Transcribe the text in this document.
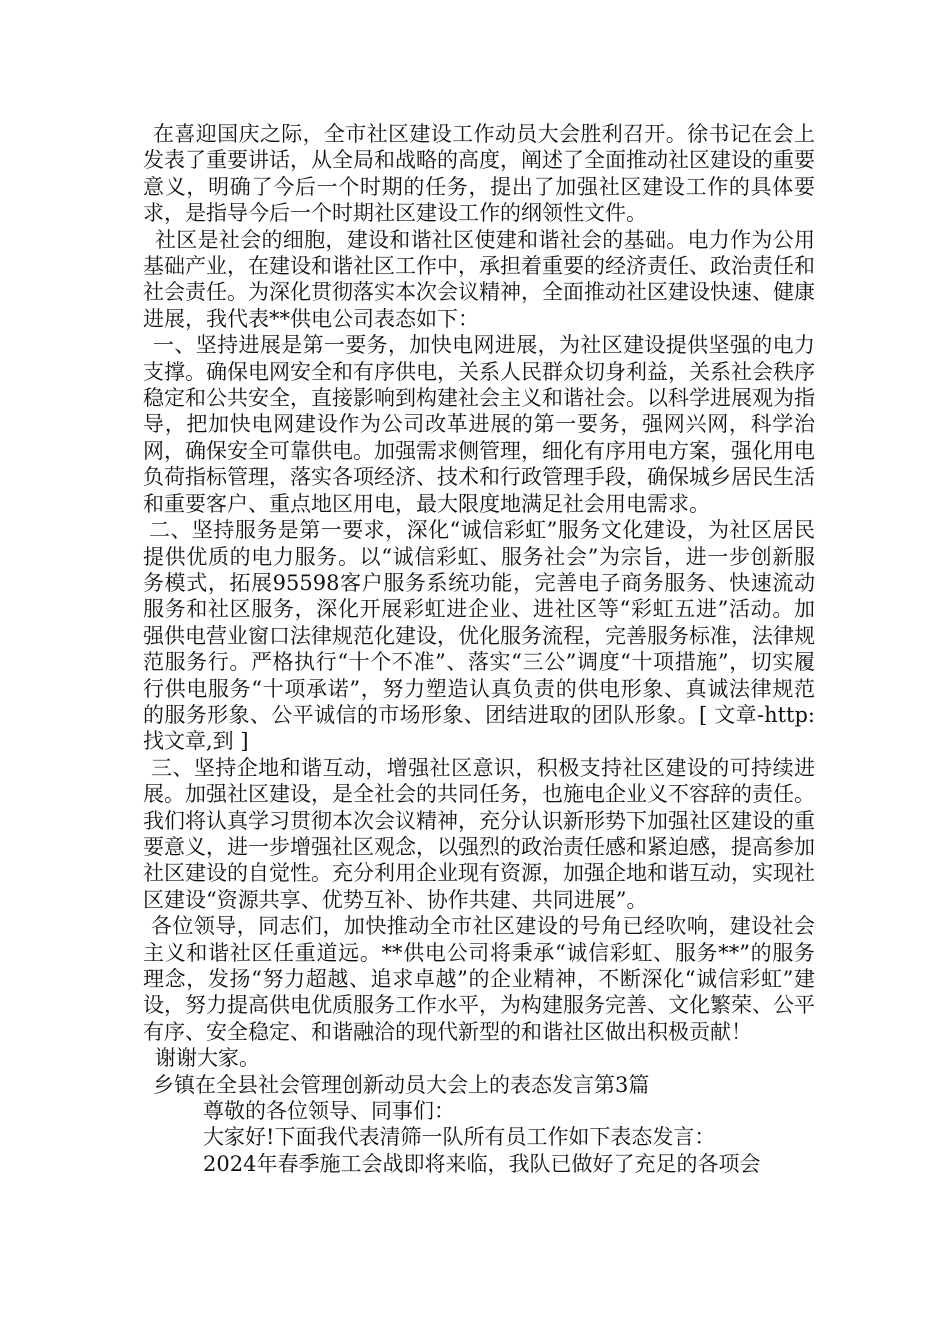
在喜迎国庆之际，全市社区建设工作动员大会胜利召开。徐书记在会上发表了重要讲话，从全局和战略的高度，阐述了全面推动社区建设的重要意义，明确了今后一个时期的任务，提出了加强社区建设工作的具体要求，是指导今后一个时期社区建设工作的纲领性文件。

社区是社会的细胞，建设和谐社区使建和谐社会的基础。电力作为公用基础产业，在建设和谐社区工作中，承担着重要的经济责任、政治责任和社会责任。为深化贯彻落实本次会议精神，全面推动社区建设快速、健康进展，我代表**供电公司表态如下：

一、坚持进展是第一要务，加快电网进展，为社区建设提供坚强的电力支撑。确保电网安全和有序供电，关系人民群众切身利益，关系社会秩序稳定和公共安全，直接影响到构建社会主义和谐社会。以科学进展观为指导，把加快电网建设作为公司改革进展的第一要务，强网兴网，科学治网，确保安全可靠供电。加强需求侧管理，细化有序用电方案，强化用电负荷指标管理，落实各项经济、技术和行政管理手段，确保城乡居民生活和重要客户、重点地区用电，最大限度地满足社会用电需求。

二、坚持服务是第一要求，深化“诚信彩虹”服务文化建设，为社区居民提供优质的电力服务。以“诚信彩虹、服务社会”为宗旨，进一步创新服务模式，拓展95598客户服务系统功能，完善电子商务服务、快速流动服务和社区服务，深化开展彩虹进企业、进社区等“彩虹五进”活动。加强供电营业窗口法律规范化建设，优化服务流程，完善服务标准，法律规范服务行。严格执行“十个不准”、落实“三公”调度“十项措施”，切实履行供电服务“十项承诺”，努力塑造认真负责的供电形象、真诚法律规范的服务形象、公平诚信的市场形象、团结进取的团队形象。[ 文章-http: 找文章,到 ]

三、坚持企地和谐互动，增强社区意识，积极支持社区建设的可持续进展。加强社区建设，是全社会的共同任务，也施电企业义不容辞的责任。我们将认真学习贯彻本次会议精神，充分认识新形势下加强社区建设的重要意义，进一步增强社区观念，以强烈的政治责任感和紧迫感，提高参加社区建设的自觉性。充分利用企业现有资源，加强企地和谐互动，实现社区建设“资源共享、优势互补、协作共建、共同进展”。

各位领导，同志们，加快推动全市社区建设的号角已经吹响，建设社会主义和谐社区任重道远。**供电公司将秉承“诚信彩虹、服务**”的服务理念，发扬“努力超越、追求卓越”的企业精神，不断深化“诚信彩虹”建设，努力提高供电优质服务工作水平，为构建服务完善、文化繁荣、公平有序、安全稳定、和谐融洽的现代新型的和谐社区做出积极贡献！

谢谢大家。

乡镇在全县社会管理创新动员大会上的表态发言第3篇

尊敬的各位领导、同事们：

大家好!下面我代表清筛一队所有员工作如下表态发言：

2024年春季施工会战即将来临，我队已做好了充足的各项会
